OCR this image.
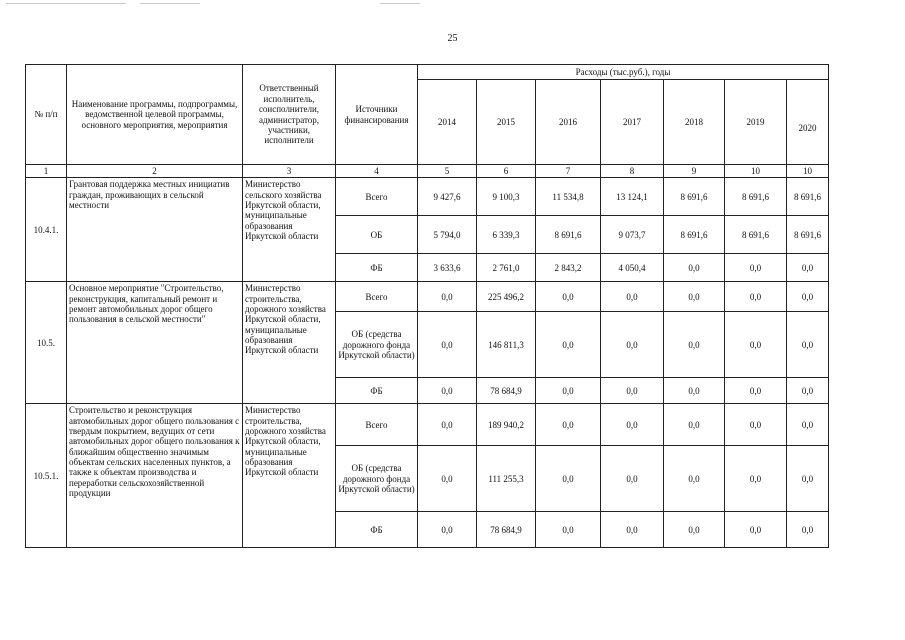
25
№ п/п	Наименование программы, подпрограммы, ведомственной целевой программы, основного мероприятия, мероприятия	Ответственный исполнитель, соисполнители, администратор, участники, исполнители	Источники финансирования	Расходы (тыс.руб.), годы						
				2014	2015	2016	2017	2018	2019	2020
1	2	3	4	5	6	7	8	9	10	10
10.4.1.	Грантовая поддержка местных инициатив граждан, проживающих в сельской местности	Министерство сельского хозяйства Иркутской области, муниципальные образования Иркутской области	Всего	9 427,6	9 100,3	11 534,8	13 124,1	8 691,6	8 691,6	8 691,6
			ОБ	5 794,0	6 339,3	8 691,6	9 073,7	8 691,6	8 691,6	8 691,6
			ФБ	3 633,6	2 761,0	2 843,2	4 050,4	0,0	0,0	0,0
10.5.	Основное мероприятие "Строительство, реконструкция, капитальный ремонт и ремонт автомобильных дорог общего пользования в сельской местности"	Министерство строительства, дорожного хозяйства Иркутской области, муниципальные образования Иркутской области	Всего	0,0	225 496,2	0,0	0,0	0,0	0,0	0,0
			ОБ (средства дорожного фонда Иркутской области)	0,0	146 811,3	0,0	0,0	0,0	0,0	0,0
			ФБ	0,0	78 684,9	0,0	0,0	0,0	0,0	0,0
10.5.1.	Строительство и реконструкция автомобильных дорог общего пользования с твердым покрытием, ведущих от сети автомобильных дорог общего пользования к ближайшим общественно значимым объектам сельских населенных пунктов, а также к объектам производства и переработки сельскохозяйственной продукции	Министерство строительства, дорожного хозяйства Иркутской области, муниципальные образования Иркутской области	Всего	0,0	189 940,2	0,0	0,0	0,0	0,0	0,0
			ОБ (средства дорожного фонда Иркутской области)	0,0	111 255,3	0,0	0,0	0,0	0,0	0,0
			ФБ	0,0	78 684,9	0,0	0,0	0,0	0,0	0,0
